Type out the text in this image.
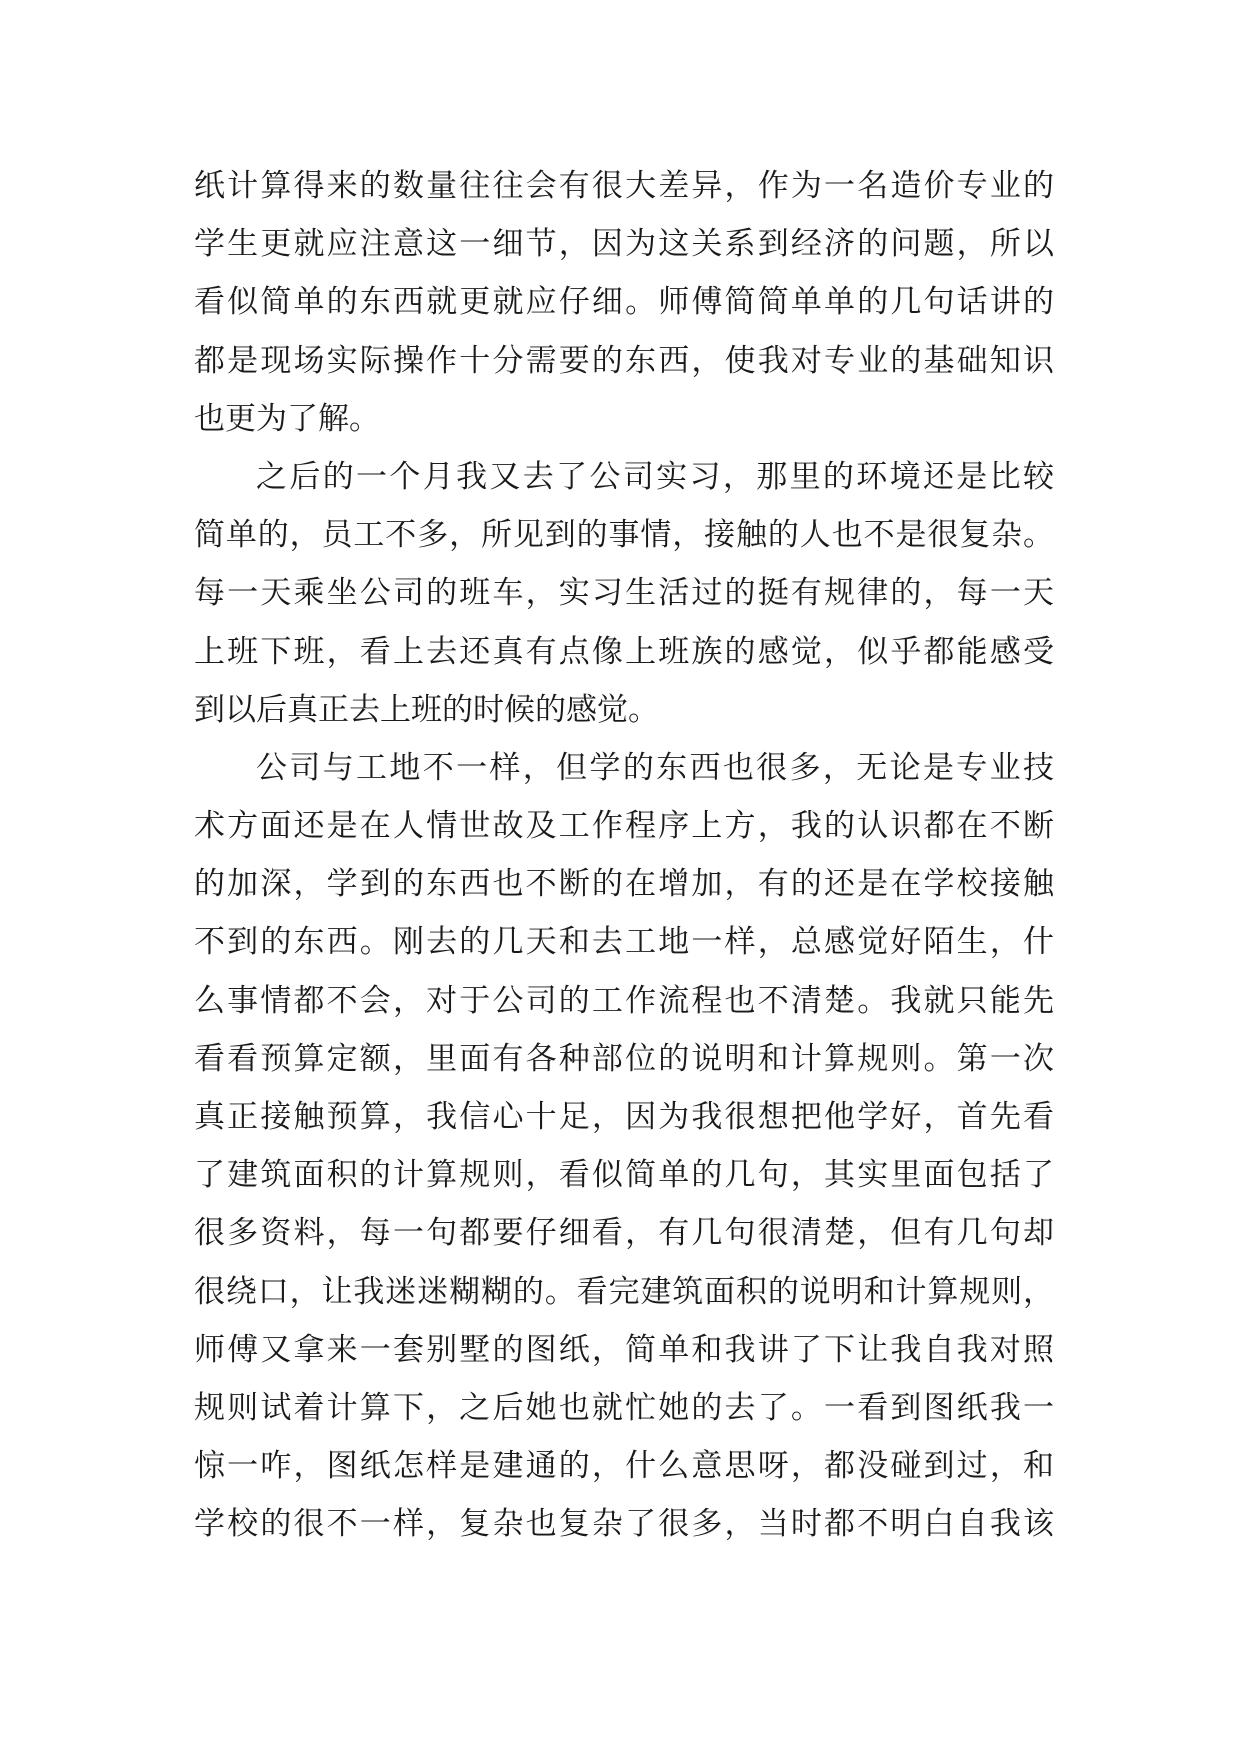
纸计算得来的数量往往会有很大差异，作为一名造价专业的
学生更就应注意这一细节，因为这关系到经济的问题，所以
看似简单的东西就更就应仔细。师傅简简单单的几句话讲的
都是现场实际操作十分需要的东西，使我对专业的基础知识
也更为了解。
之后的一个月我又去了公司实习，那里的环境还是比较
简单的，员工不多，所见到的事情，接触的人也不是很复杂。
每一天乘坐公司的班车，实习生活过的挺有规律的，每一天
上班下班，看上去还真有点像上班族的感觉，似乎都能感受
到以后真正去上班的时候的感觉。
公司与工地不一样，但学的东西也很多，无论是专业技
术方面还是在人情世故及工作程序上方，我的认识都在不断
的加深，学到的东西也不断的在增加，有的还是在学校接触
不到的东西。刚去的几天和去工地一样，总感觉好陌生，什
么事情都不会，对于公司的工作流程也不清楚。我就只能先
看看预算定额，里面有各种部位的说明和计算规则。第一次
真正接触预算，我信心十足，因为我很想把他学好，首先看
了建筑面积的计算规则，看似简单的几句，其实里面包括了
很多资料，每一句都要仔细看，有几句很清楚，但有几句却
很绕口，让我迷迷糊糊的。看完建筑面积的说明和计算规则，
师傅又拿来一套别墅的图纸，简单和我讲了下让我自我对照
规则试着计算下，之后她也就忙她的去了。一看到图纸我一
惊一咋，图纸怎样是建通的，什么意思呀，都没碰到过，和
学校的很不一样，复杂也复杂了很多，当时都不明白自我该
